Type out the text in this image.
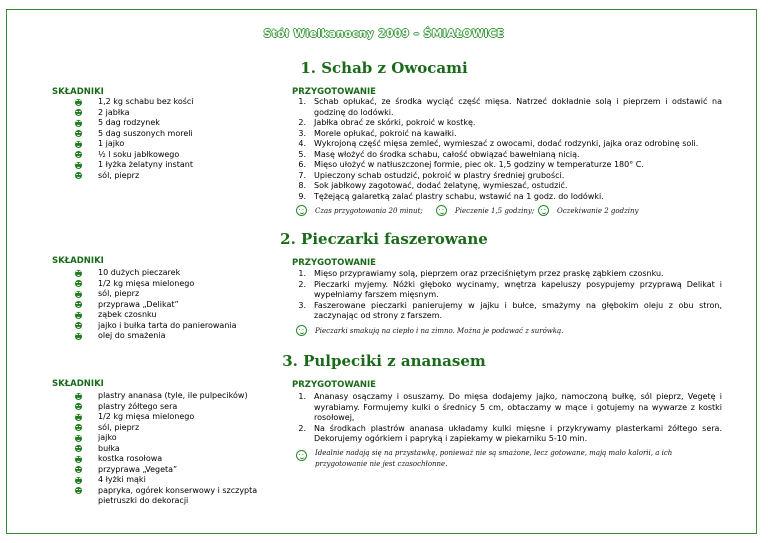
Stół Wielkanocny 2009 – ŚMIAŁOWICE
1. Schab z Owocami
SKŁADNIKI	PRZYGOTOWANIE
1,2 kg schabu bez kości
2 jabłka
5 dag rodzynek
5 dag suszonych moreli
1 jajko
½ l soku jabłkowego
1 łyżka żelatyny instant
sól, pieprz
1. Schab opłukać, ze środka wyciąć część mięsa. Natrzeć dokładnie solą i pieprzem i odstawić na godzinę do lodówki.
2. Jabłka obrać ze skórki, pokroić w kostkę.
3. Morele opłukać, pokroić na kawałki.
4. Wykrojoną część mięsa zemleć, wymieszać z owocami, dodać rodzynki, jajka oraz odrobinę soli.
5. Masę włożyć do środka schabu, całość obwiązać bawełnianą nicią.
6. Mięso ułożyć w natłuszczonej formie, piec ok. 1,5 godziny w temperaturze 180° C.
7. Upieczony schab ostudzić, pokroić w plastry średniej grubości.
8. Sok jabłkowy zagotować, dodać żelatynę, wymieszać, ostudzić.
9. Tężejącą galaretką zalać plastry schabu, wstawić na 1 godz. do lodówki.
Czas przygotowania 20 minut;	Pieczenie 1,5 godziny;	Oczekiwanie 2 godziny
2. Pieczarki faszerowane
SKŁADNIKI	PRZYGOTOWANIE
10 dużych pieczarek
1/2 kg mięsa mielonego
sól, pieprz
przyprawa „Delikat”
ząbek czosnku
jajko i bułka tarta do panierowania
olej do smażenia
1. Mięso przyprawiamy solą, pieprzem oraz przeciśniętym przez praskę ząbkiem czosnku.
2. Pieczarki myjemy. Nóżki głęboko wycinamy, wnętrza kapeluszy posypujemy przyprawą Delikat i wypełniamy farszem mięsnym.
3. Faszerowane pieczarki panierujemy w jajku i bułce, smażymy na głębokim oleju z obu stron, zaczynając od strony z farszem.
Pieczarki smakują na ciepło i na zimno. Można je podawać z surówką.
3. Pulpeciki z ananasem
SKŁADNIKI	PRZYGOTOWANIE
plastry ananasa (tyle, ile pulpecików)
plastry żółtego sera
1/2 kg mięsa mielonego
sól, pieprz
jajko
bułka
kostka rosołowa
przyprawa „Vegeta”
4 łyżki mąki
papryka, ogórek konserwowy i szczypta
pietruszki do dekoracji
1. Ananasy osączamy i osuszamy. Do mięsa dodajemy jajko, namoczoną bułkę, sól pieprz, Vegetę i wyrabiamy. Formujemy kulki o średnicy 5 cm, obtaczamy w mące i gotujemy na wywarze z kostki rosołowej,
2. Na środkach plastrów ananasa układamy kulki mięsne i przykrywamy plasterkami żółtego sera. Dekorujemy ogórkiem i papryką i zapiekamy w piekarniku 5-10 min.
Idealnie nadają się na przystawkę, ponieważ nie są smażone, lecz gotowane, mają mało kalorii, a ich
przygotowanie nie jest czasochłonne.
